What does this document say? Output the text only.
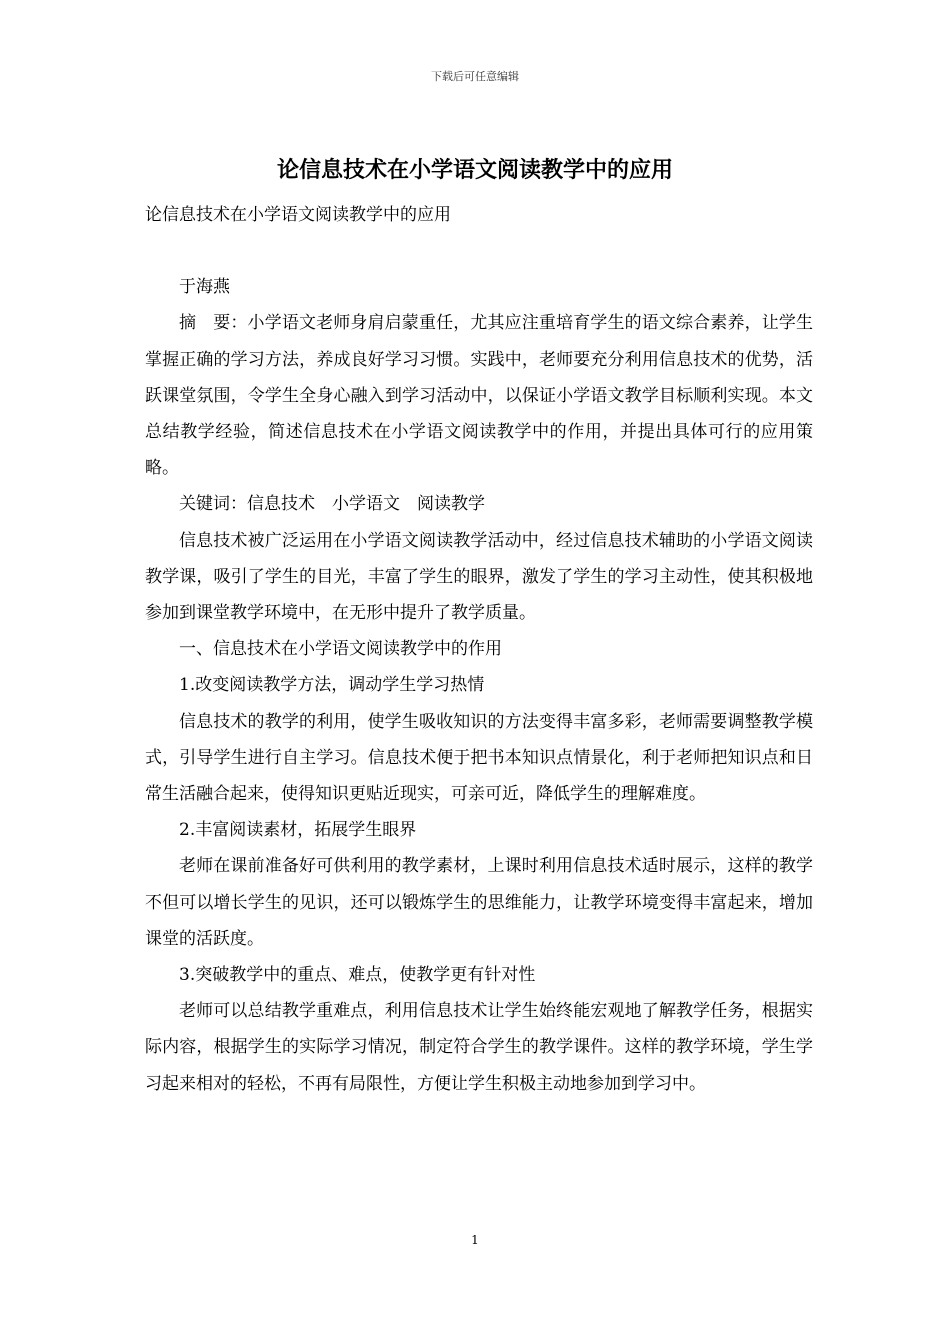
下载后可任意编辑
论信息技术在小学语文阅读教学中的应用

论信息技术在小学语文阅读教学中的应用

于海燕

摘　要：小学语文老师身肩启蒙重任，尤其应注重培育学生的语文综合素养，让学生掌握正确的学习方法，养成良好学习习惯。实践中，老师要充分利用信息技术的优势，活跃课堂氛围，令学生全身心融入到学习活动中，以保证小学语文教学目标顺利实现。本文总结教学经验，简述信息技术在小学语文阅读教学中的作用，并提出具体可行的应用策略。

关键词：信息技术　小学语文　阅读教学

信息技术被广泛运用在小学语文阅读教学活动中，经过信息技术辅助的小学语文阅读教学课，吸引了学生的目光，丰富了学生的眼界，激发了学生的学习主动性，使其积极地参加到课堂教学环境中，在无形中提升了教学质量。

一、信息技术在小学语文阅读教学中的作用

1.改变阅读教学方法，调动学生学习热情

信息技术的教学的利用，使学生吸收知识的方法变得丰富多彩，老师需要调整教学模式，引导学生进行自主学习。信息技术便于把书本知识点情景化，利于老师把知识点和日常生活融合起来，使得知识更贴近现实，可亲可近，降低学生的理解难度。

2.丰富阅读素材，拓展学生眼界

老师在课前准备好可供利用的教学素材，上课时利用信息技术适时展示，这样的教学不但可以增长学生的见识，还可以锻炼学生的思维能力，让教学环境变得丰富起来，增加课堂的活跃度。

3.突破教学中的重点、难点，使教学更有针对性

老师可以总结教学重难点，利用信息技术让学生始终能宏观地了解教学任务，根据实际内容，根据学生的实际学习情况，制定符合学生的教学课件。这样的教学环境，学生学习起来相对的轻松，不再有局限性，方便让学生积极主动地参加到学习中。

1
